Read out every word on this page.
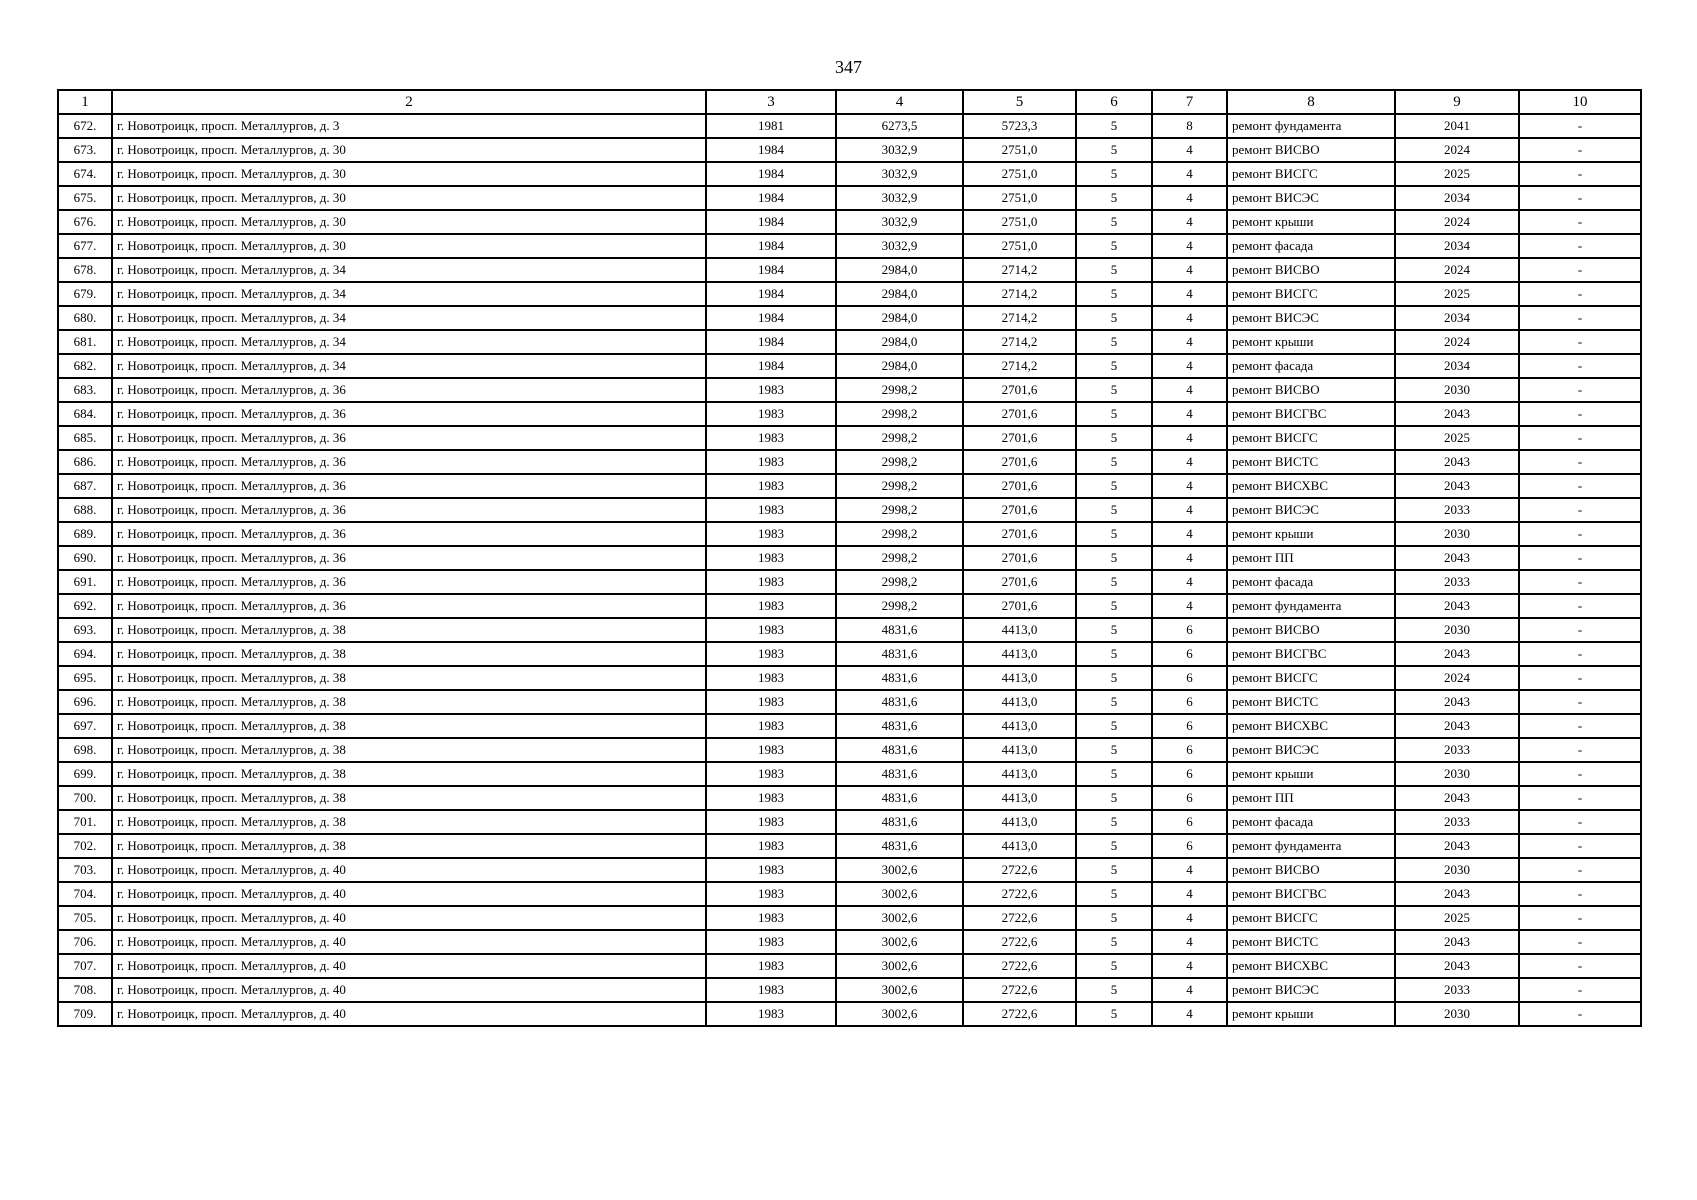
347
1	2	3	4	5	6	7	8	9	10
672.	г. Новотроицк, просп. Металлургов, д. 3	1981	6273,5	5723,3	5	8	ремонт фундамента	2041	-
673.	г. Новотроицк, просп. Металлургов, д. 30	1984	3032,9	2751,0	5	4	ремонт ВИСВО	2024	-
674.	г. Новотроицк, просп. Металлургов, д. 30	1984	3032,9	2751,0	5	4	ремонт ВИСГС	2025	-
675.	г. Новотроицк, просп. Металлургов, д. 30	1984	3032,9	2751,0	5	4	ремонт ВИСЭС	2034	-
676.	г. Новотроицк, просп. Металлургов, д. 30	1984	3032,9	2751,0	5	4	ремонт крыши	2024	-
677.	г. Новотроицк, просп. Металлургов, д. 30	1984	3032,9	2751,0	5	4	ремонт фасада	2034	-
678.	г. Новотроицк, просп. Металлургов, д. 34	1984	2984,0	2714,2	5	4	ремонт ВИСВО	2024	-
679.	г. Новотроицк, просп. Металлургов, д. 34	1984	2984,0	2714,2	5	4	ремонт ВИСГС	2025	-
680.	г. Новотроицк, просп. Металлургов, д. 34	1984	2984,0	2714,2	5	4	ремонт ВИСЭС	2034	-
681.	г. Новотроицк, просп. Металлургов, д. 34	1984	2984,0	2714,2	5	4	ремонт крыши	2024	-
682.	г. Новотроицк, просп. Металлургов, д. 34	1984	2984,0	2714,2	5	4	ремонт фасада	2034	-
683.	г. Новотроицк, просп. Металлургов, д. 36	1983	2998,2	2701,6	5	4	ремонт ВИСВО	2030	-
684.	г. Новотроицк, просп. Металлургов, д. 36	1983	2998,2	2701,6	5	4	ремонт ВИСГВС	2043	-
685.	г. Новотроицк, просп. Металлургов, д. 36	1983	2998,2	2701,6	5	4	ремонт ВИСГС	2025	-
686.	г. Новотроицк, просп. Металлургов, д. 36	1983	2998,2	2701,6	5	4	ремонт ВИСТС	2043	-
687.	г. Новотроицк, просп. Металлургов, д. 36	1983	2998,2	2701,6	5	4	ремонт ВИСХВС	2043	-
688.	г. Новотроицк, просп. Металлургов, д. 36	1983	2998,2	2701,6	5	4	ремонт ВИСЭС	2033	-
689.	г. Новотроицк, просп. Металлургов, д. 36	1983	2998,2	2701,6	5	4	ремонт крыши	2030	-
690.	г. Новотроицк, просп. Металлургов, д. 36	1983	2998,2	2701,6	5	4	ремонт ПП	2043	-
691.	г. Новотроицк, просп. Металлургов, д. 36	1983	2998,2	2701,6	5	4	ремонт фасада	2033	-
692.	г. Новотроицк, просп. Металлургов, д. 36	1983	2998,2	2701,6	5	4	ремонт фундамента	2043	-
693.	г. Новотроицк, просп. Металлургов, д. 38	1983	4831,6	4413,0	5	6	ремонт ВИСВО	2030	-
694.	г. Новотроицк, просп. Металлургов, д. 38	1983	4831,6	4413,0	5	6	ремонт ВИСГВС	2043	-
695.	г. Новотроицк, просп. Металлургов, д. 38	1983	4831,6	4413,0	5	6	ремонт ВИСГС	2024	-
696.	г. Новотроицк, просп. Металлургов, д. 38	1983	4831,6	4413,0	5	6	ремонт ВИСТС	2043	-
697.	г. Новотроицк, просп. Металлургов, д. 38	1983	4831,6	4413,0	5	6	ремонт ВИСХВС	2043	-
698.	г. Новотроицк, просп. Металлургов, д. 38	1983	4831,6	4413,0	5	6	ремонт ВИСЭС	2033	-
699.	г. Новотроицк, просп. Металлургов, д. 38	1983	4831,6	4413,0	5	6	ремонт крыши	2030	-
700.	г. Новотроицк, просп. Металлургов, д. 38	1983	4831,6	4413,0	5	6	ремонт ПП	2043	-
701.	г. Новотроицк, просп. Металлургов, д. 38	1983	4831,6	4413,0	5	6	ремонт фасада	2033	-
702.	г. Новотроицк, просп. Металлургов, д. 38	1983	4831,6	4413,0	5	6	ремонт фундамента	2043	-
703.	г. Новотроицк, просп. Металлургов, д. 40	1983	3002,6	2722,6	5	4	ремонт ВИСВО	2030	-
704.	г. Новотроицк, просп. Металлургов, д. 40	1983	3002,6	2722,6	5	4	ремонт ВИСГВС	2043	-
705.	г. Новотроицк, просп. Металлургов, д. 40	1983	3002,6	2722,6	5	4	ремонт ВИСГС	2025	-
706.	г. Новотроицк, просп. Металлургов, д. 40	1983	3002,6	2722,6	5	4	ремонт ВИСТС	2043	-
707.	г. Новотроицк, просп. Металлургов, д. 40	1983	3002,6	2722,6	5	4	ремонт ВИСХВС	2043	-
708.	г. Новотроицк, просп. Металлургов, д. 40	1983	3002,6	2722,6	5	4	ремонт ВИСЭС	2033	-
709.	г. Новотроицк, просп. Металлургов, д. 40	1983	3002,6	2722,6	5	4	ремонт крыши	2030	-
